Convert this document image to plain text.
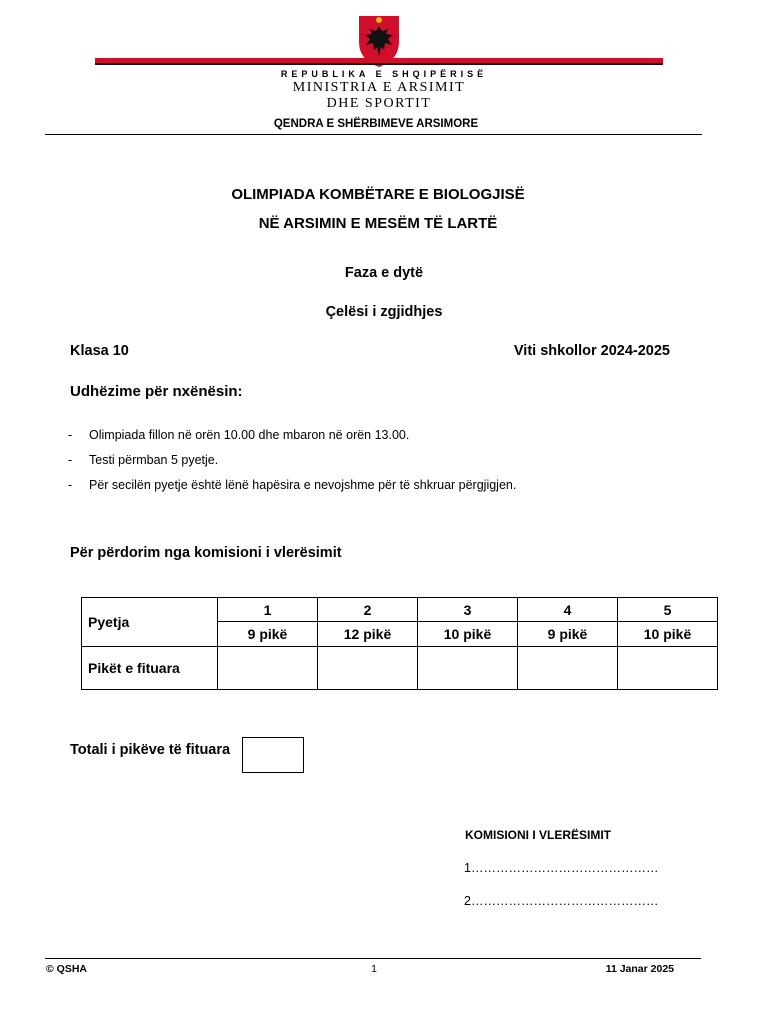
REPUBLIKA E SHQIPËRISË
MINISTRIA E ARSIMIT
DHE SPORTIT
QENDRA E SHËRBIMEVE ARSIMORE
OLIMPIADA KOMBËTARE E BIOLOGJISË
NË ARSIMIN E MESËM TË LARTË
Faza e dytë
Çelësi i zgjidhjes
Klasa 10	Viti shkollor 2024-2025
Udhëzime për nxënësin:
-	Olimpiada fillon në orën 10.00 dhe mbaron në orën 13.00.
-	Testi përmban 5 pyetje.
-	Për secilën pyetje është lënë hapësira e nevojshme për të shkruar përgjigjen.
Për përdorim nga komisioni i vlerësimit
Pyetja	1	2	3	4	5
	9 pikë	12 pikë	10 pikë	9 pikë	10 pikë
Pikët e fituara					
Totali i pikëve të fituara
KOMISIONI I VLERËSIMIT
1………………………………………
2………………………………………
© QSHA	1	11 Janar 2025
